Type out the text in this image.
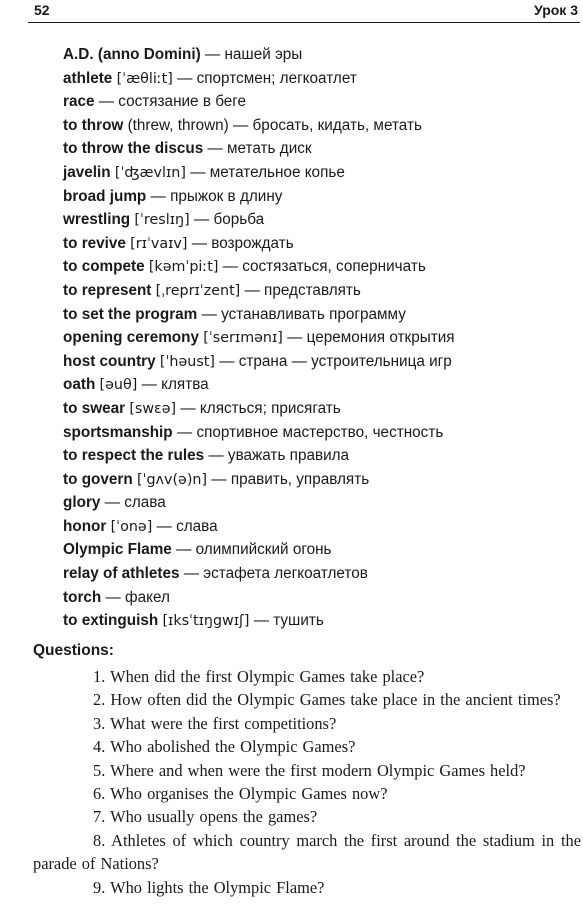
52	Урок 3
A.D. (anno Domini) — нашей эры
athlete [ˈæθliːt] — спортсмен; легкоатлет
race — состязание в беге
to throw (threw, thrown) — бросать, кидать, метать
to throw the discus — метать диск
javelin [ˈʤævlɪn] — метательное копье
broad jump — прыжок в длину
wrestling [ˈreslɪŋ] — борьба
to revive [rɪˈvaɪv] — возрождать
to compete [kəmˈpiːt] — состязаться, соперничать
to represent [ˌreprɪˈzent] — представлять
to set the program — устанавливать программу
opening ceremony [ˈserɪmənɪ] — церемония открытия
host country [ˈhəust] — страна — устроительница игр
oath [əuθ] — клятва
to swear [swɛə] — клясться; присягать
sportsmanship — спортивное мастерство, честность
to respect the rules — уважать правила
to govern [ˈgʌv(ə)n] — править, управлять
glory — слава
honor [ˈonə] — слава
Olympic Flame — олимпийский огонь
relay of athletes — эстафета легкоатлетов
torch — факел
to extinguish [ɪksˈtɪŋgwɪʃ] — тушить
Questions:
1. When did the first Olympic Games take place?
2. How often did the Olympic Games take place in the ancient times?
3. What were the first competitions?
4. Who abolished the Olympic Games?
5. Where and when were the first modern Olympic Games held?
6. Who organises the Olympic Games now?
7. Who usually opens the games?
8. Athletes of which country march the first around the stadium in the parade of Nations?
9. Who lights the Olympic Flame?
